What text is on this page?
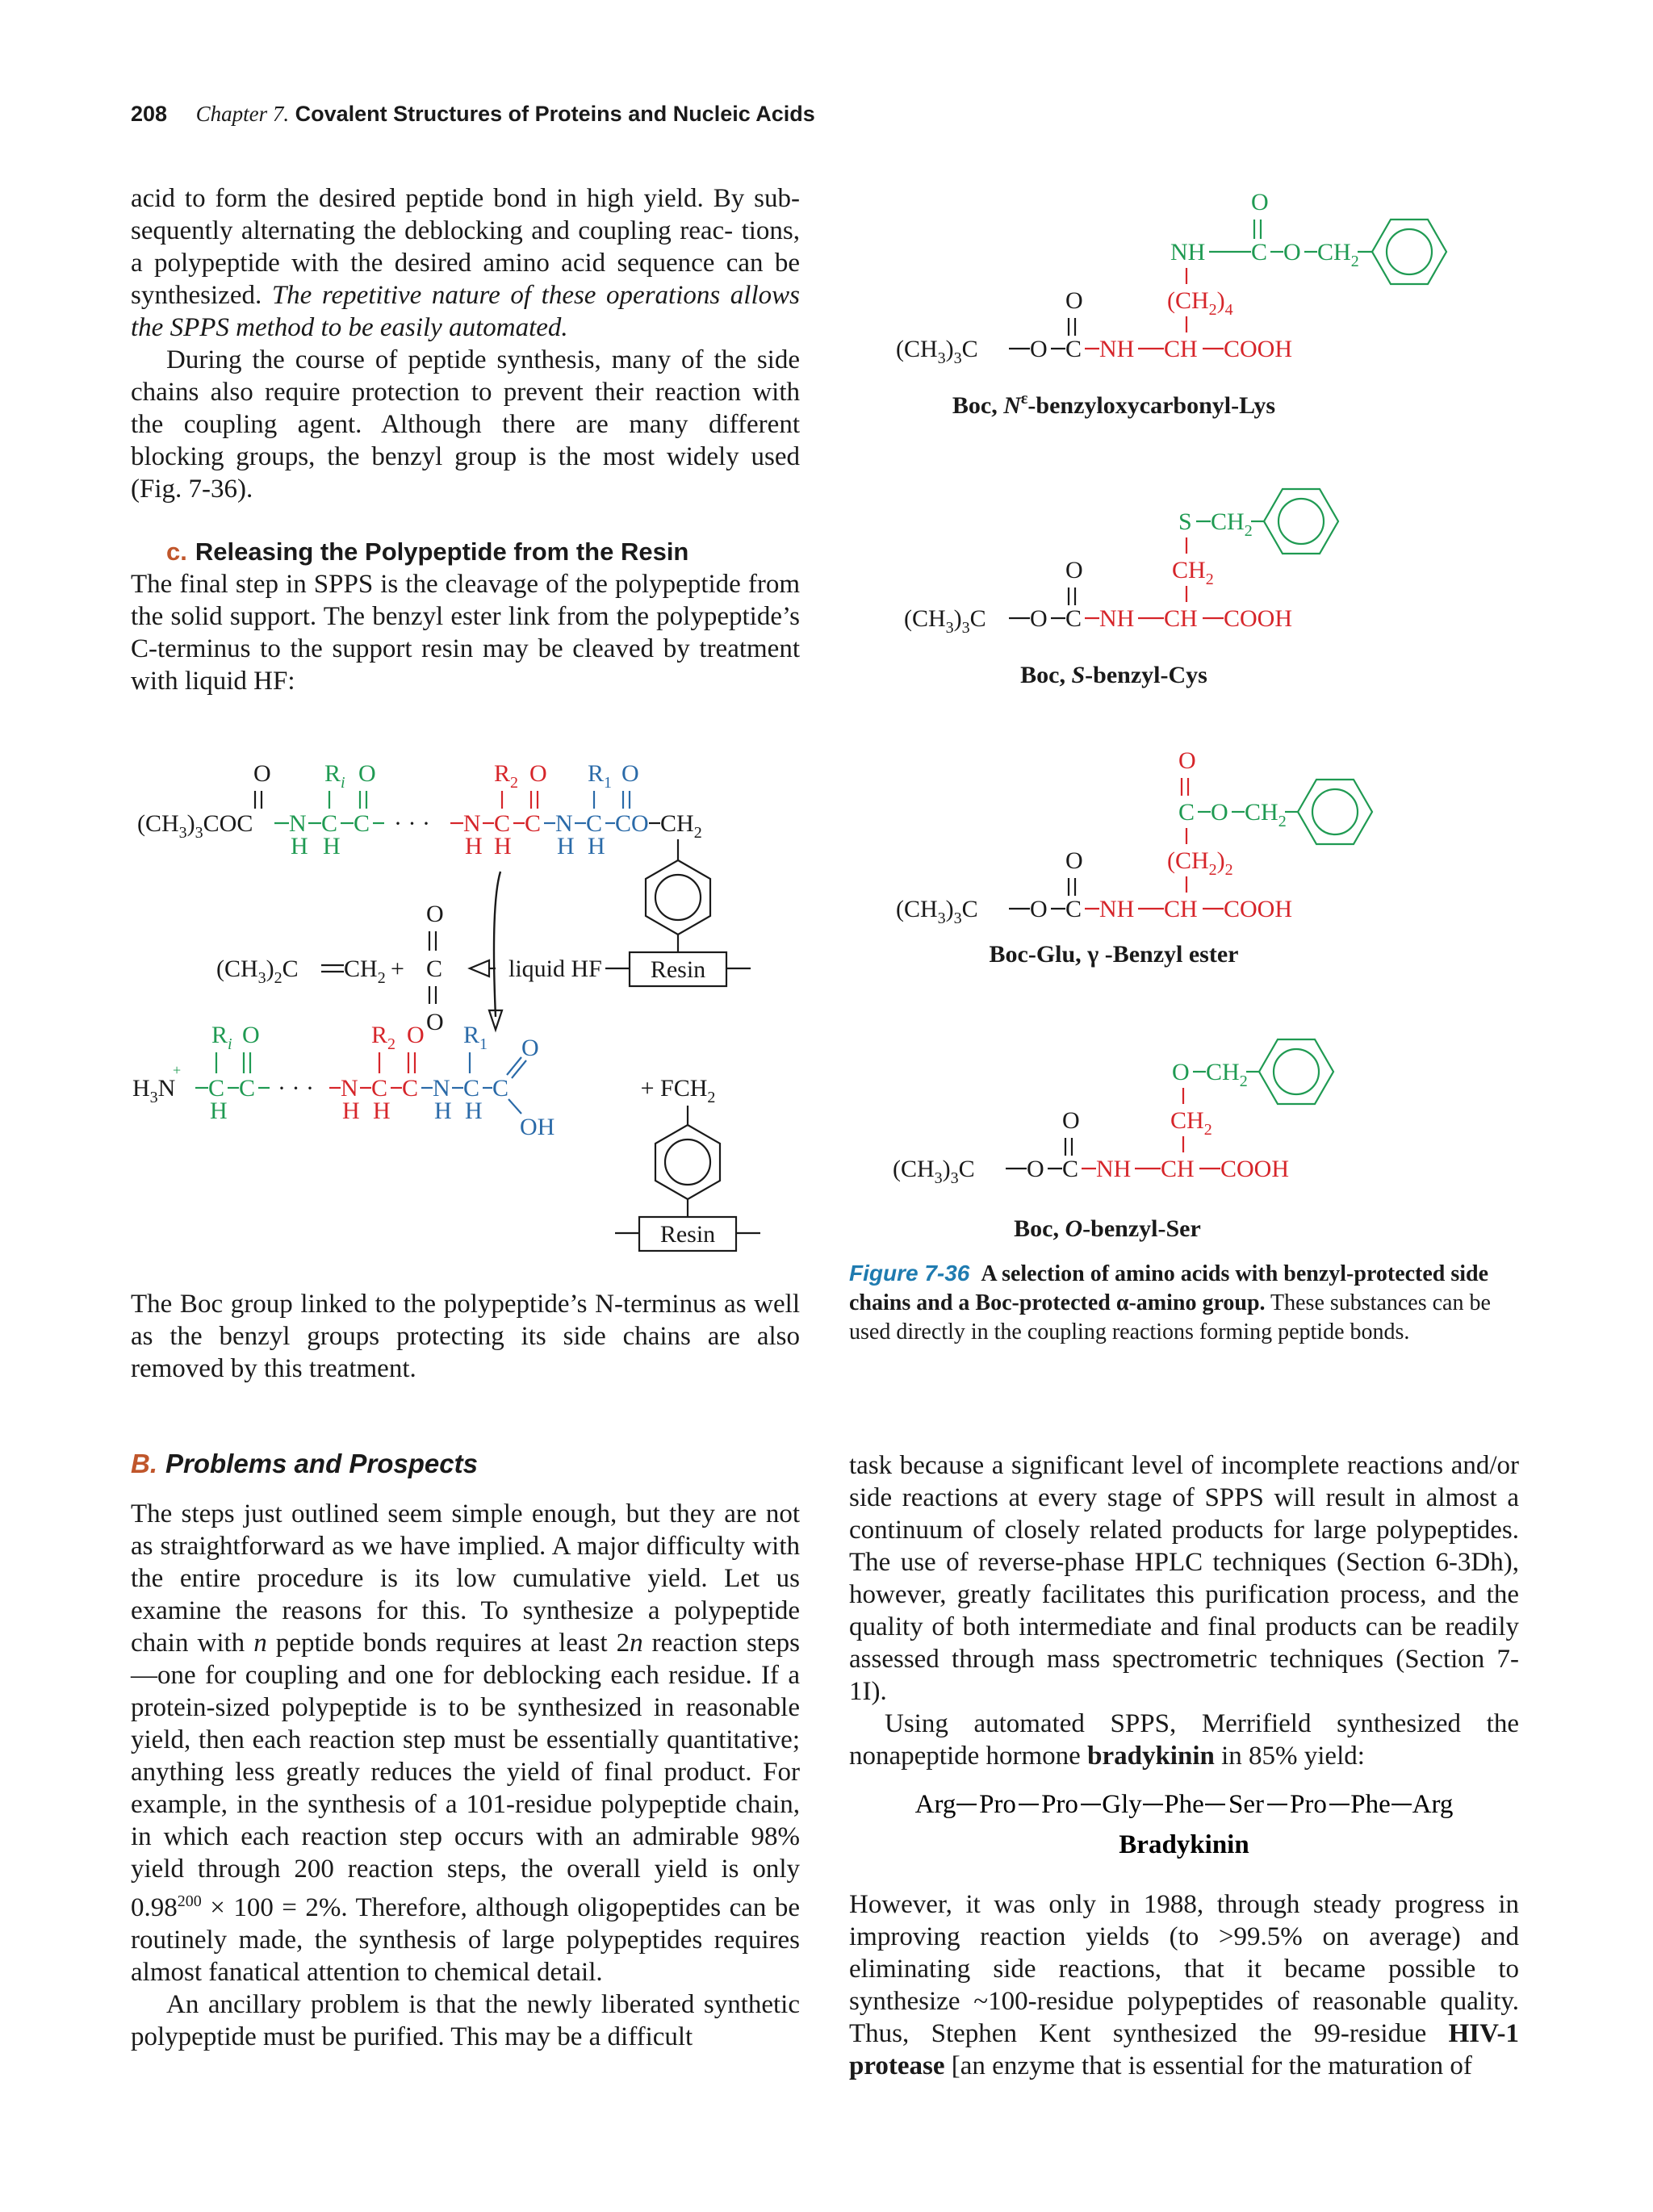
208 Chapter 7. Covalent Structures of Proteins and Nucleic Acids

acid to form the desired peptide bond in high yield. By sub- sequently alternating the deblocking and coupling reac- tions, a polypeptide with the desired amino acid sequence can be synthesized. The repetitive nature of these operations allows the SPPS method to be easily automated.

During the course of peptide synthesis, many of the side chains also require protection to prevent their reaction with the coupling agent. Although there are many different blocking groups, the benzyl group is the most widely used (Fig. 7-36).

c. Releasing the Polypeptide from the Resin

The final step in SPPS is the cleavage of the polypeptide from the solid support. The benzyl ester link from the polypeptide’s C-terminus to the support resin may be cleaved by treatment with liquid HF:

$(CH_3)_3COC$
O
N C C
H H
$R_i$ O
· · · N C C
H H
$R_2$ O
N C CO $CH_2$
H H
$R_1$ O
Resin
$(CH_3)_2C$ $CH_2$ +
O
C
O
liquid HF
$H_3N$
+
C C
H
$R_i$ O
· · · N C C
H H
$R_2$ O
N C C
H H
$R_1$ O
OH
+ $FCH_2$
Resin

The Boc group linked to the polypeptide’s N-terminus as well as the benzyl groups protecting its side chains are also removed by this treatment.

B. Problems and Prospects

The steps just outlined seem simple enough, but they are not as straightforward as we have implied. A major difficulty with the entire procedure is its low cumulative yield. Let us examine the reasons for this. To synthesize a polypeptide chain with n peptide bonds requires at least 2n reaction steps—one for coupling and one for deblocking each residue. If a protein-sized polypeptide is to be synthesized in reasonable yield, then each reaction step must be essentially quantitative; anything less greatly reduces the yield of final product. For example, in the synthesis of a 101-residue polypeptide chain, in which each reaction step occurs with an admirable 98% yield through 200 reaction steps, the overall yield is only $0.98^{200} \times 100 = 2\%$. Therefore, although oligopeptides can be routinely made, the synthesis of large polypeptides requires almost fanatical attention to chemical detail.

An ancillary problem is that the newly liberated synthetic polypeptide must be purified. This may be a difficult

O
NH C O $CH_2$
$(CH_2)_4$
O
$(CH_3)_3C$ O C NH CH COOH
Boc, $N^\varepsilon-benzyloxycarbonyl$-Lys
S $CH_2$
$CH_2$
O
$(CH_3)_3C$ O C NH CH COOH
Boc, S-benzyl-Cys
O
C O $CH_2$
$(CH_2)_2$
O
$(CH_3)_3C$ O C NH CH COOH
Boc-Glu, γ -Benzyl ester
O $CH_2$
$CH_2$
O
$(CH_3)_3C$ O C NH CH COOH
Boc, O-benzyl-Ser

Figure 7-36 A selection of amino acids with benzyl-protected side chains and a Boc-protected α-amino group. These substances can be used directly in the coupling reactions forming peptide bonds.

task because a significant level of incomplete reactions and/or side reactions at every stage of SPPS will result in almost a continuum of closely related products for large polypeptides. The use of reverse-phase HPLC techniques (Section 6-3Dh), however, greatly facilitates this purification process, and the quality of both intermediate and final products can be readily assessed through mass spectrometric techniques (Section 7-1I).

Using automated SPPS, Merrifield synthesized the nonapeptide hormone bradykinin in 85% yield:

Arg Pro Pro Gly Phe Ser Pro Phe Arg
Bradykinin

However, it was only in 1988, through steady progress in improving reaction yields (to >99.5% on average) and eliminating side reactions, that it became possible to synthesize ~100-residue polypeptides of reasonable quality. Thus, Stephen Kent synthesized the 99-residue HIV-1 protease [an enzyme that is essential for the maturation of
